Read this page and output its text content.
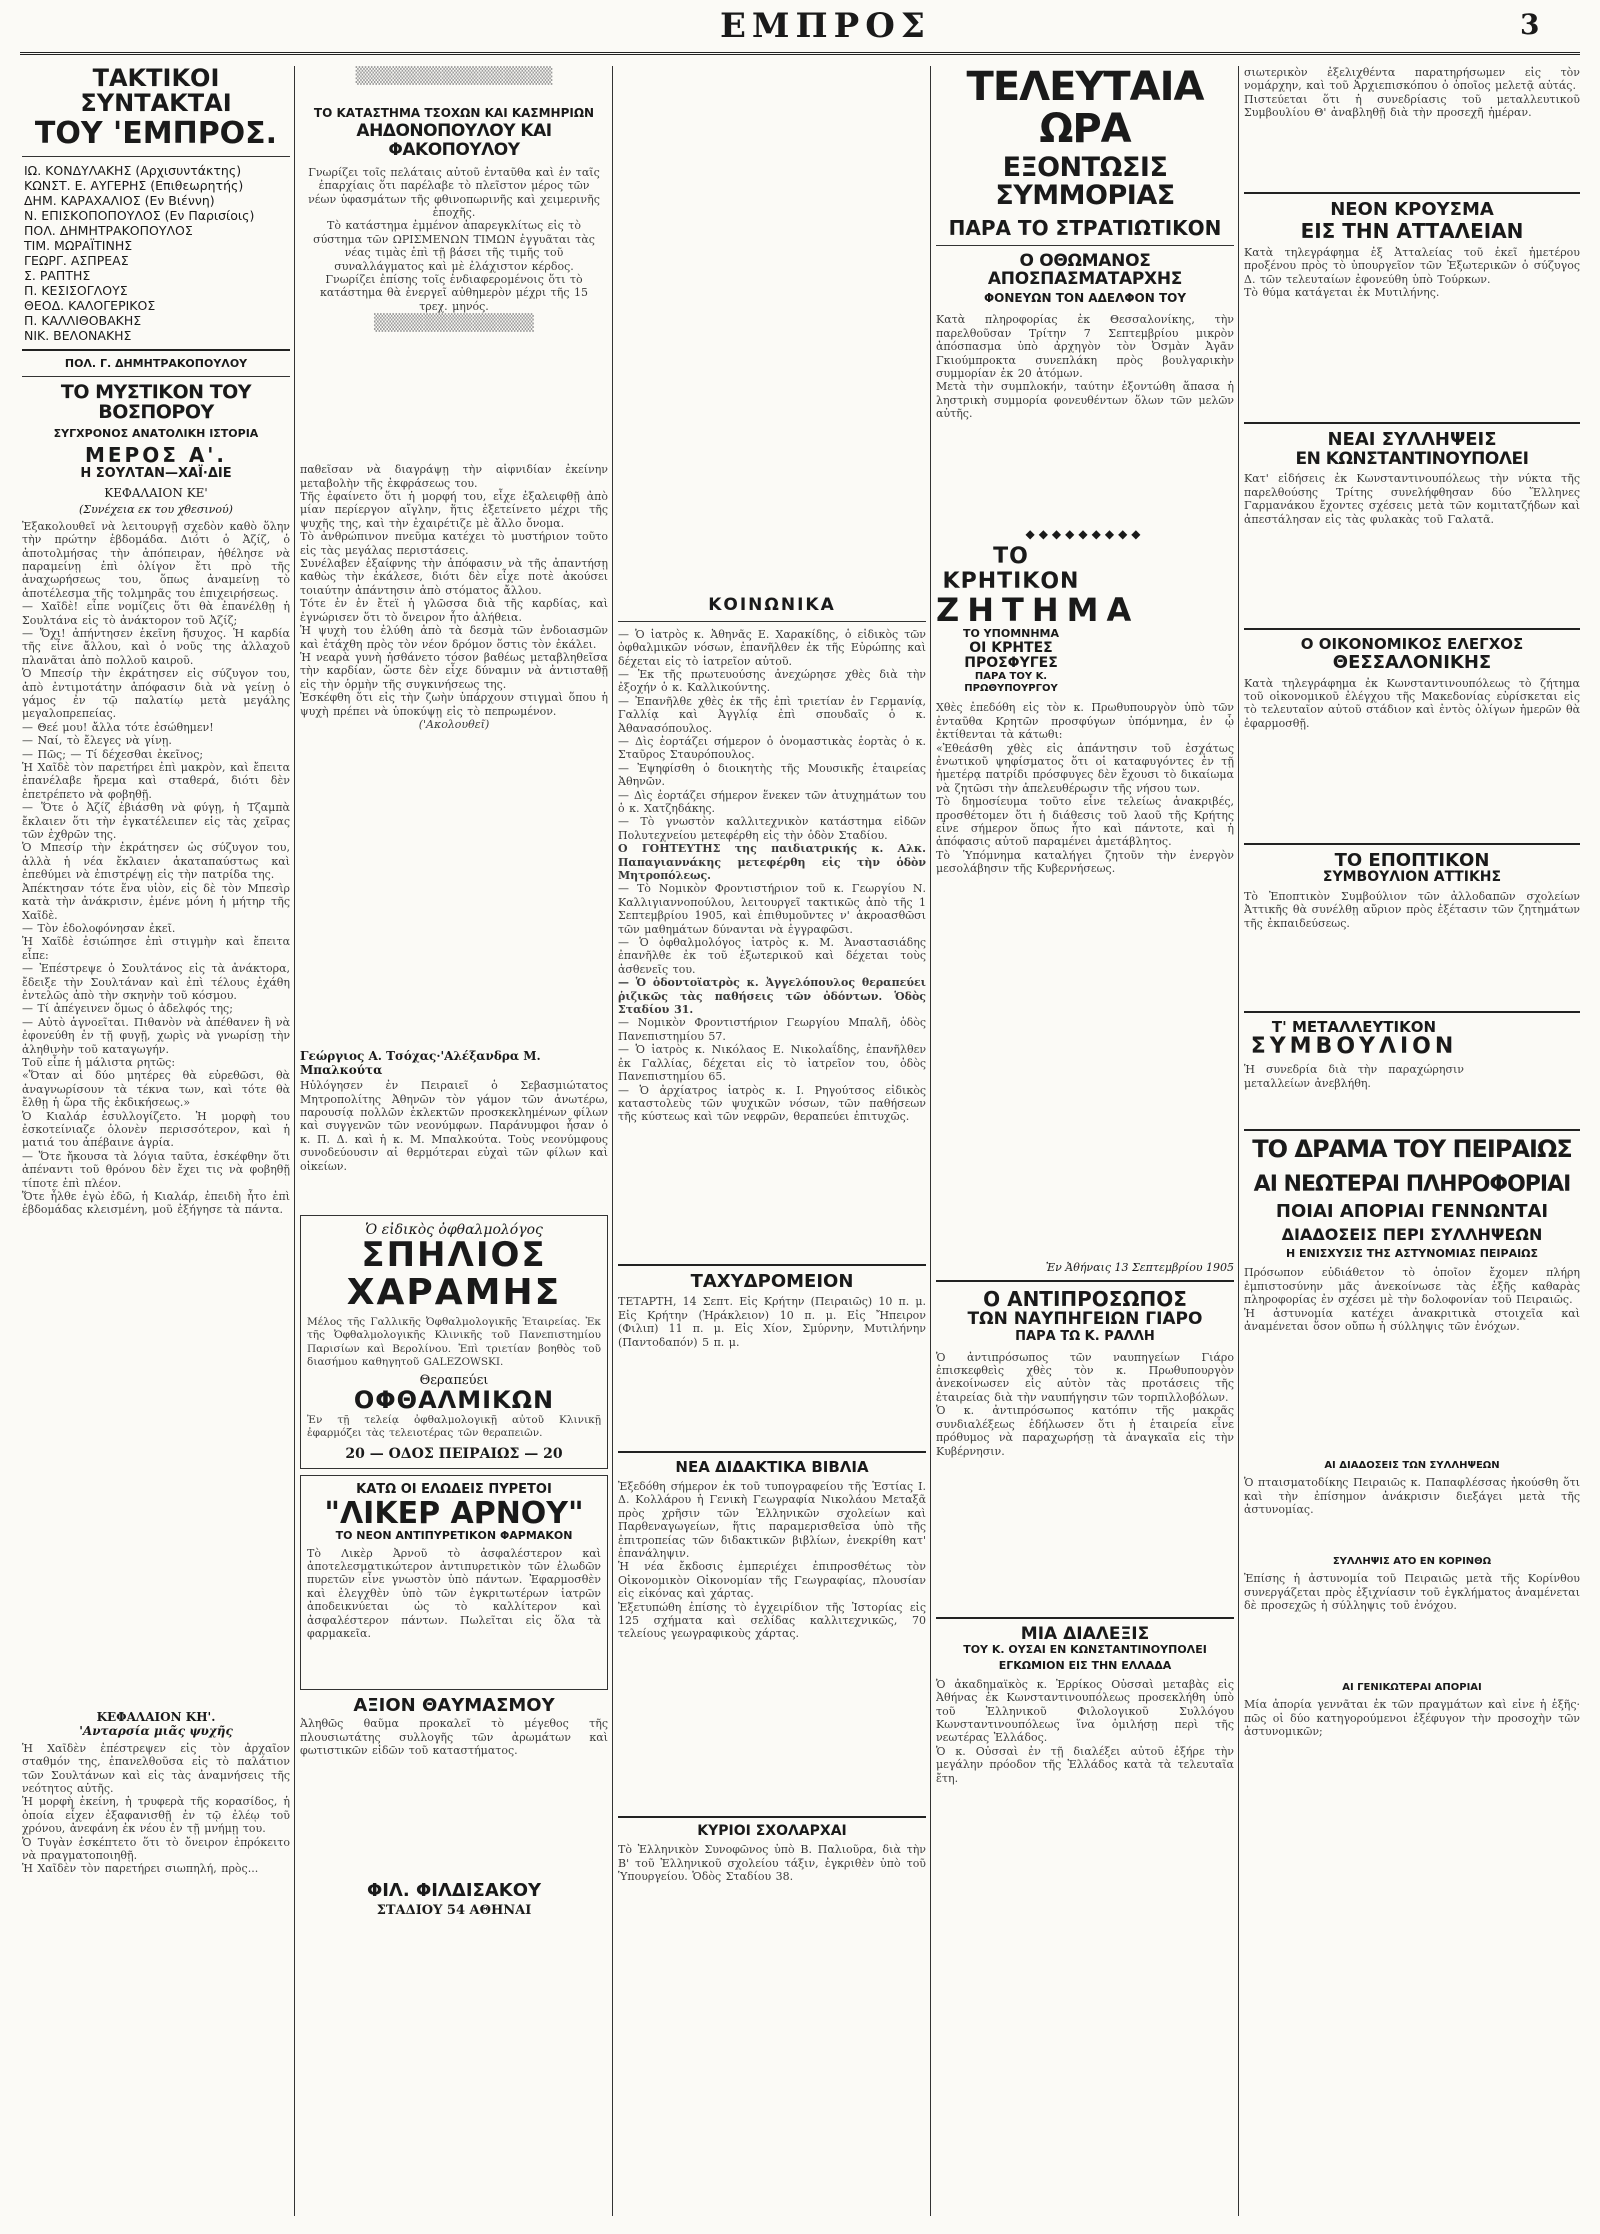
ΕΜΠΡΟΣ	3
ΤΑΚΤΙΚΟΙ ΣΥΝΤΑΚΤΑΙ
ΤΟΥ 'ΕΜΠΡΟΣ.
ΙΩ. ΚΟΝΔΥΛΑΚΗΣ (Αρχισυντάκτης)
ΚΩΝΣΤ. Ε. ΑΥΓΕΡΗΣ (Επιθεωρητής)
ΔΗΜ. ΚΑΡΑΧΑΛΙΟΣ (Εν Βιέννη)
Ν. ΕΠΙΣΚΟΠΟΠΟΥΛΟΣ (Εν Παρισίοις)
ΠΟΛ. ΔΗΜΗΤΡΑΚΟΠΟΥΛΟΣ
ΤΙΜ. ΜΩΡΑΪΤΙΝΗΣ
ΓΕΩΡΓ. ΑΣΠΡΕΑΣ
Σ. ΡΑΠΤΗΣ
Π. ΚΕΣΙΣΟΓΛΟΥΣ
ΘΕΟΔ. ΚΑΛΟΓΕΡΙΚΟΣ
Π. ΚΑΛΛΙΘΟΒΑΚΗΣ
ΝΙΚ. ΒΕΛΟΝΑΚΗΣ
ΠΟΛ. Γ. ΔΗΜΗΤΡΑΚΟΠΟΥΛΟΥ
ΤΟ ΜΥΣΤΙΚΟΝ ΤΟΥ ΒΟΣΠΟΡΟΥ
ΣΥΓΧΡΟΝΟΣ ΑΝΑΤΟΛΙΚΗ ΙΣΤΟΡΙΑ
ΜΕΡΟΣ Α'.
Η ΣΟΥΛΤΑΝ—ΧΑΪ·ΔΙΕ
ΚΕΦΑΛΑΙΟΝ ΚΕ'
(Συνέχεια εκ του χθεσινού)
Ἐξακολουθεῖ νὰ λειτουργῇ σχεδὸν καθὸ ὅλην τὴν πρώτην ἑβδομάδα. Διότι ὁ Ἀζίζ, ὁ ἀποτολμήσας τὴν ἀπόπειραν, ἠθέλησε νὰ παραμείνῃ ἐπὶ ὀλίγον ἔτι πρὸ τῆς ἀναχωρήσεως του, ὅπως ἀναμείνῃ τὸ ἀποτέλεσμα τῆς τολμηρᾶς του ἐπιχειρήσεως.
— Χαῖδὲ! εἶπε νομίζεις ὅτι θὰ ἐπανέλθῃ ἡ Σουλτάνα εἰς τὸ ἀνάκτορον τοῦ Ἀζίζ;
— Ὄχι! ἀπήντησεν ἐκεῖνη ἥσυχος. Ἡ καρδία τῆς εἶνε ἄλλου, καὶ ὁ νοῦς της ἀλλαχοῦ πλανᾶται ἀπὸ πολλοῦ καιροῦ.
Ὁ Μπεσίρ τὴν ἐκράτησεν εἰς σύζυγον του, ἀπὸ ἐντιμοτάτην ἀπόφασιν διὰ νὰ γείνῃ ὁ γάμος ἐν τῷ παλατίῳ μετὰ μεγάλης μεγαλοπρεπείας.
— Θεέ μου! ἄλλα τότε ἐσώθημεν!
— Ναί, τὸ ἔλεγες νὰ γίνῃ.
— Πῶς; — Τί δέχεσθαι ἐκεῖνος;
Ἡ Χαῖδὲ τὸν παρετήρει ἐπὶ μακρὸν, καὶ ἔπειτα ἐπανέλαβε ἤρεμα καὶ σταθερά, διότι δὲν ἐπετρέπετο νὰ φοβηθῇ.
— Ὅτε ὁ Ἀζίζ ἐβιάσθη νὰ φύγῃ, ἡ Τζαμπὰ ἔκλαιεν ὅτι τὴν ἐγκατέλειπεν εἰς τὰς χεῖρας τῶν ἐχθρῶν της.
Ὁ Μπεσίρ τὴν ἐκράτησεν ὡς σύζυγον του, ἀλλὰ ἡ νέα ἔκλαιεν ἀκαταπαύστως καὶ ἐπεθύμει νὰ ἐπιστρέψῃ εἰς τὴν πατρίδα της.
Ἀπέκτησαν τότε ἕνα υἱὸν, εἰς δὲ τὸν Μπεσὶρ κατὰ τὴν ἀνάκρισιν, ἐμένε μόνη ἡ μήτηρ τῆς Χαῖδὲ.
— Τὸν ἐδολοφόνησαν ἐκεῖ.
Ἡ Χαῖδὲ ἐσιώπησε ἐπὶ στιγμὴν καὶ ἔπειτα εἶπε:
— Ἐπέστρεψε ὁ Σουλτάνος εἰς τὰ ἀνάκτορα, ἔδειξε τὴν Σουλτάναν καὶ ἐπὶ τέλους ἐχάθη ἐντελῶς ἀπὸ τὴν σκηνὴν τοῦ κόσμου.
— Τί ἀπέγεινεν ὅμως ὁ ἀδελφός της;
— Αὐτὸ ἀγνοεῖται. Πιθανὸν νὰ ἀπέθανεν ἢ νὰ ἐφονεύθη ἐν τῇ φυγῇ, χωρὶς νὰ γνωρίσῃ τὴν ἀληθινὴν τοῦ καταγωγήν.
Τοῦ εἶπε ἡ μάλιστα ρητῶς:
«Ὅταν αἱ δύο μητέρες θὰ εὑρεθῶσι, θὰ ἀναγνωρίσουν τὰ τέκνα των, καὶ τότε θὰ ἔλθῃ ἡ ὥρα τῆς ἐκδικήσεως.»
Ὁ Κιαλάρ ἐσυλλογίζετο. Ἡ μορφὴ του ἐσκοτείνιαζε ὁλονὲν περισσότερον, καὶ ἡ ματιά του ἀπέβαινε ἀγρία.
— Ὅτε ἤκουσα τὰ λόγια ταῦτα, ἐσκέφθην ὅτι ἀπέναντι τοῦ θρόνου δὲν ἔχει τις νὰ φοβηθῇ τίποτε ἐπὶ πλέον.
Ὅτε ἦλθε ἐγὼ ἐδῶ, ἡ Κιαλάρ, ἐπειδὴ ἦτο ἐπὶ ἑβδομάδας κλεισμένη, μοῦ ἐξήγησε τὰ πάντα.
ΚΕΦΑΛΑΙΟΝ ΚΗ'.
'Ανταρσία μιᾶς ψυχῆς
Ἡ Χαῖδὲν ἐπέστρεψεν εἰς τὸν ἀρχαῖον σταθμόν της, ἐπανελθοῦσα εἰς τὸ παλάτιον τῶν Σουλτάνων καὶ εἰς τὰς ἀναμνήσεις τῆς νεότητος αὐτῆς.
Ἡ μορφὴ ἐκείνη, ἡ τρυφερὰ τῆς κορασίδος, ἡ ὁποία εἶχεν ἐξαφανισθῇ ἐν τῷ ἐλέῳ τοῦ χρόνου, ἀνεφάνη ἐκ νέου ἐν τῇ μνήμῃ του.
Ὁ Τυγὰν ἐσκέπτετο ὅτι τὸ ὄνειρον ἐπρόκειτο νὰ πραγματοποιηθῇ.
Ἡ Χαῖδὲν τὸν παρετήρει σιωπηλή, πρὸς...
▒▒▒▒▒▒▒▒▒▒▒▒▒▒▒▒
ΤΟ ΚΑΤΑΣΤΗΜΑ ΤΣΟΧΩΝ ΚΑΙ ΚΑΣΜΗΡΙΩΝ
ΑΗΔΟΝΟΠΟΥΛΟΥ ΚΑΙ ΦΑΚΟΠΟΥΛΟΥ
Γνωρίζει τοῖς πελάταις αὐτοῦ ἐνταῦθα καὶ ἐν ταῖς ἐπαρχίαις ὅτι παρέλαβε τὸ πλεῖστον μέρος τῶν νέων ὑφασμάτων τῆς φθινοπωρινῆς καὶ χειμερινῆς ἐποχῆς.
Τὸ κατάστημα ἐμμένον ἀπαρεγκλίτως εἰς τὸ σύστημα τῶν ΩΡΙΣΜΕΝΩΝ ΤΙΜΩΝ ἐγγυᾶται τὰς νέας τιμὰς ἐπὶ τῇ βάσει τῆς τιμῆς τοῦ συναλλάγματος καὶ μὲ ἐλάχιστον κέρδος.
Γνωρίζει ἐπίσης τοῖς ἐνδιαφερομένοις ὅτι τὸ κατάστημα θὰ ἐνεργεῖ αὐθημερὸν μέχρι τῆς 15 τρεχ. μηνός.
▒▒▒▒▒▒▒▒▒▒▒▒▒
παθεῖσαν νὰ διαγράψῃ τὴν αἰφνιδίαν ἐκείνην μεταβολὴν τῆς ἐκφράσεως του.
Τῆς ἐφαίνετο ὅτι ἡ μορφή του, εἶχε ἐξαλειφθῇ ἀπὸ μίαν περίεργον αἴγλην, ἥτις ἐξετείνετο μέχρι τῆς ψυχῆς της, καὶ τὴν ἐχαιρέτιζε μὲ ἄλλο ὄνομα.
Τὸ ἀνθρώπινον πνεῦμα κατέχει τὸ μυστήριον τοῦτο εἰς τὰς μεγάλας περιστάσεις.
Συνέλαβεν ἐξαίφνης τὴν ἀπόφασιν νὰ τῆς ἀπαντήσῃ καθὼς τὴν ἐκάλεσε, διότι δὲν εἶχε ποτὲ ἀκούσει τοιαύτην ἀπάντησιν ἀπὸ στόματος ἄλλου.
Τότε ἐν ἐν ἔτεϊ ἡ γλῶσσα διὰ τῆς καρδίας, καὶ ἐγνώρισεν ὅτι τὸ ὄνειρον ἦτο ἀλήθεια.
Ἡ ψυχὴ του ἐλύθη ἀπὸ τὰ δεσμὰ τῶν ἐνδοιασμῶν καὶ ἐτάχθη πρὸς τὸν νέον δρόμον ὅστις τὸν ἐκάλει.
Ἡ νεαρὰ γυνὴ ἠσθάνετο τόσον βαθέως μεταβληθεῖσα τὴν καρδίαν, ὥστε δὲν εἶχε δύναμιν νὰ ἀντισταθῇ εἰς τὴν ὁρμὴν τῆς συγκινήσεως της.
Ἐσκέφθη ὅτι εἰς τὴν ζωὴν ὑπάρχουν στιγμαὶ ὅπου ἡ ψυχὴ πρέπει νὰ ὑποκύψῃ εἰς τὸ πεπρωμένον.
('Ακολουθεῖ)
Γεώργιος Α. Τσόχας·'Αλέξανδρα Μ. Μπαλκούτα
Ηὐλόγησεν ἐν Πειραιεῖ ὁ Σεβασμιώτατος Μητροπολίτης Ἀθηνῶν τὸν γάμον τῶν ἀνωτέρω, παρουσίᾳ πολλῶν ἐκλεκτῶν προσκεκλημένων φίλων καὶ συγγενῶν τῶν νεονύμφων. Παράνυμφοι ἦσαν ὁ κ. Π. Δ. καὶ ἡ κ. Μ. Μπαλκούτα. Τοὺς νεονύμφους συνοδεύουσιν αἱ θερμότεραι εὐχαὶ τῶν φίλων καὶ οἰκείων.
Ὁ εἰδικὸς ὀφθαλμολόγος
ΣΠΗΛΙΟΣ
ΧΑΡΑΜΗΣ
Μέλος τῆς Γαλλικῆς Ὀφθαλμολογικῆς Ἑταιρείας. Ἐκ τῆς Ὀφθαλμολογικῆς Κλινικῆς τοῦ Πανεπιστημίου Παρισίων καὶ Βερολίνου. Ἐπὶ τριετίαν βοηθὸς τοῦ διασήμου καθηγητοῦ GALEZOWSKI.
Θεραπεύει
ΟΦΘΑΛΜΙΚΩΝ
Ἐν τῇ τελείᾳ ὀφθαλμολογικῇ αὐτοῦ Κλινικῇ ἐφαρμόζει τὰς τελειοτέρας τῶν θεραπειῶν.
20 — ΟΔΟΣ ΠΕΙΡΑΙΩΣ — 20
ΚΑΤΩ ΟΙ ΕΛΩΔΕΙΣ ΠΥΡΕΤΟΙ
"ΛΙΚΕΡ ΑΡΝΟΥ"
ΤΟ ΝΕΟΝ ΑΝΤΙΠΥΡΕΤΙΚΟΝ ΦΑΡΜΑΚΟΝ
Τὸ Λικὲρ Ἀρνοῦ τὸ ἀσφαλέστερον καὶ ἀποτελεσματικώτερον ἀντιπυρετικὸν τῶν ἑλωδῶν πυρετῶν εἶνε γνωστὸν ὑπὸ πάντων. Ἐφαρμοσθὲν καὶ ἐλεγχθὲν ὑπὸ τῶν ἐγκριτωτέρων ἰατρῶν ἀποδεικνύεται ὡς τὸ καλλίτερον καὶ ἀσφαλέστερον πάντων. Πωλεῖται εἰς ὅλα τὰ φαρμακεῖα.
ΑΞΙΟΝ ΘΑΥΜΑΣΜΟΥ
Ἀληθῶς θαῦμα προκαλεῖ τὸ μέγεθος τῆς πλουσιωτάτης συλλογῆς τῶν ἀρωμάτων καὶ φωτιστικῶν εἰδῶν τοῦ καταστήματος.
ΦΙΛ. ΦΙΛΔΙΣΑΚΟΥ
ΣΤΑΔΙΟΥ 54 ΑΘΗΝΑΙ
ΚΟΙΝΩΝΙΚΑ
— Ὁ ἰατρὸς κ. Ἀθηνᾶς Ε. Χαρακίδης, ὁ εἰδικὸς τῶν ὀφθαλμικῶν νόσων, ἐπανῆλθεν ἐκ τῆς Εὐρώπης καὶ δέχεται εἰς τὸ ἰατρεῖον αὐτοῦ.
— Ἐκ τῆς πρωτευούσης ἀνεχώρησε χθὲς διὰ τὴν ἐξοχήν ὁ κ. Καλλικούντης.
— Ἐπανῆλθε χθὲς ἐκ τῆς ἐπὶ τριετίαν ἐν Γερμανίᾳ, Γαλλίᾳ καὶ Ἀγγλίᾳ ἐπὶ σπουδαῖς ὁ κ. Ἀθανασόπουλος.
— Δὶς ἐορτάζει σήμερον ὁ ὀνομαστικὰς ἑορτὰς ὁ κ. Σταῦρος Σταυρόπουλος.
— Ἐψηφίσθη ὁ διοικητὴς τῆς Μουσικῆς ἑταιρείας Ἀθηνῶν.
— Δὶς ἐορτάζει σήμερον ἕνεκεν τῶν ἀτυχημάτων του ὁ κ. Χατζηδάκης.
— Τὸ γνωστὸν καλλιτεχνικὸν κατάστημα εἰδῶν Πολυτεχνείου μετεφέρθη εἰς τὴν ὁδὸν Σταδίου.
Ο ΓΟΗΤΕΥΤΗΣ της παιδιατρικής κ. Αλκ. Παπαγιαννάκης μετεφέρθη εἰς τὴν ὁδὸν Μητροπόλεως.
— Τὸ Νομικὸν Φροντιστήριον τοῦ κ. Γεωργίου Ν. Καλλιγιαννοπούλου, λειτουργεῖ τακτικῶς ἀπὸ τῆς 1 Σεπτεμβρίου 1905, καὶ ἐπιθυμοῦντες ν' ἀκροασθῶσι τῶν μαθημάτων δύνανται νὰ ἐγγραφῶσι.
— Ὁ ὀφθαλμολόγος ἰατρὸς κ. Μ. Ἀναστασιάδης ἐπανῆλθε ἐκ τοῦ ἐξωτερικοῦ καὶ δέχεται τοὺς ἀσθενεῖς του.
— Ὁ ὀδοντοϊατρὸς κ. Ἀγγελόπουλος θεραπεύει ῥιζικῶς τὰς παθήσεις τῶν ὀδόντων. Ὁδὸς Σταδίου 31.
— Νομικὸν Φροντιστήριον Γεωργίου Μπαλῆ, ὁδὸς Πανεπιστημίου 57.
— Ὁ ἰατρὸς κ. Νικόλαος Ε. Νικολαΐδης, ἐπανῆλθεν ἐκ Γαλλίας, δέχεται εἰς τὸ ἰατρεῖον του, ὁδὸς Πανεπιστημίου 65.
— Ὁ ἀρχίατρος ἰατρὸς κ. Ι. Ρηγούτσος εἰδικὸς καταστολεὺς τῶν ψυχικῶν νόσων, τῶν παθήσεων τῆς κύστεως καὶ τῶν νεφρῶν, θεραπεύει ἐπιτυχῶς.
ΤΑΧΥΔΡΟΜΕΙΟΝ
ΤΕΤΑΡΤΗ, 14 Σεπτ. Εἰς Κρήτην (Πειραιῶς) 10 π. μ. Εἰς Κρήτην (Ἡράκλειον) 10 π. μ. Εἰς Ἤπειρον (Φιλιπ) 11 π. μ. Εἰς Χίον, Σμύρνην, Μυτιλήνην (Παντοδαπόν) 5 π. μ.
ΝΕΑ ΔΙΔΑΚΤΙΚΑ ΒΙΒΛΙΑ
Ἐξεδόθη σήμερον ἐκ τοῦ τυπογραφείου τῆς Ἑστίας Ι. Δ. Κολλάρου ἡ Γενικὴ Γεωγραφία Νικολάου Μεταξᾶ πρὸς χρῆσιν τῶν Ἑλληνικῶν σχολείων καὶ Παρθεναγωγείων, ἥτις παραμερισθεῖσα ὑπὸ τῆς ἐπιτροπείας τῶν διδακτικῶν βιβλίων, ἐνεκρίθη κατ' ἐπανάληψιν.
Ἡ νέα ἔκδοσις ἐμπεριέχει ἐπιπροσθέτως τὸν Οἰκονομικὸν Οἰκονομίαν τῆς Γεωγραφίας, πλουσίαν εἰς εἰκόνας καὶ χάρτας.
Ἐξετυπώθη ἐπίσης τὸ ἐγχειρίδιον τῆς Ἰστορίας εἰς 125 σχήματα καὶ σελίδας καλλιτεχνικῶς, 70 τελείους γεωγραφικοὺς χάρτας.
ΚΥΡΙΟΙ ΣΧΟΛΑΡΧΑΙ
Τὸ Ἑλληνικὸν Συνοφῶνος ὑπὸ Β. Παλιοῦρα, διὰ τὴν Β' τοῦ Ἑλληνικοῦ σχολείου τάξιν, ἐγκριθὲν ὑπὸ τοῦ Ὑπουργείου. Ὁδὸς Σταδίου 38.
ΤΕΛΕΥΤΑΙΑ ΩΡΑ
ΕΞΟΝΤΩΣΙΣ ΣΥΜΜΟΡΙΑΣ
ΠΑΡΑ ΤΟ ΣΤΡΑΤΙΩΤΙΚΟΝ
Ο ΟΘΩΜΑΝΟΣ ΑΠΟΣΠΑΣΜΑΤΑΡΧΗΣ
ΦΟΝΕΥΩΝ ΤΟΝ ΑΔΕΛΦΟΝ ΤΟΥ
Κατὰ πληροφορίας ἐκ Θεσσαλονίκης, τὴν παρελθοῦσαν Τρίτην 7 Σεπτεμβρίου μικρὸν ἀπόσπασμα ὑπὸ ἀρχηγὸν τὸν Ὀσμὰν Ἀγᾶν Γκιούμπροκτα συνεπλάκη πρὸς βουλγαρικὴν συμμορίαν ἐκ 20 ἀτόμων.
Μετὰ τὴν συμπλοκήν, ταύτην ἐξοντώθη ἅπασα ἡ ληστρικὴ συμμορία φονευθέντων ὅλων τῶν μελῶν αὐτῆς.
◆◆◆◆◆◆◆◆◆
ΤΟ ΚΡΗΤΙΚΟΝ
ΖΗΤΗΜΑ
ΤΟ ΥΠΟΜΝΗΜΑ
ΟΙ ΚΡΗΤΕΣ ΠΡΟΣΦΥΓΕΣ
ΠΑΡΑ ΤΟΥ Κ. ΠΡΩΘΥΠΟΥΡΓΟΥ
Χθὲς ἐπεδόθη εἰς τὸν κ. Πρωθυπουργὸν ὑπὸ τῶν ἐνταῦθα Κρητῶν προσφύγων ὑπόμνημα, ἐν ᾧ ἐκτίθενται τὰ κάτωθι:
«Ἐθεάσθη χθὲς εἰς ἀπάντησιν τοῦ ἐσχάτως ἐνωτικοῦ ψηφίσματος ὅτι οἱ καταφυγόντες ἐν τῇ ἡμετέρᾳ πατρίδι πρόσφυγες δὲν ἔχουσι τὸ δικαίωμα νὰ ζητῶσι τὴν ἀπελευθέρωσιν τῆς νήσου των.
Τὸ δημοσίευμα τοῦτο εἶνε τελείως ἀνακριβές, προσθέτομεν ὅτι ἡ διάθεσις τοῦ λαοῦ τῆς Κρήτης εἶνε σήμερον ὅπως ἦτο καὶ πάντοτε, καὶ ἡ ἀπόφασις αὐτοῦ παραμένει ἀμετάβλητος.
Τὸ Ὑπόμνημα καταλήγει ζητοῦν τὴν ἐνεργὸν μεσολάβησιν τῆς Κυβερνήσεως.
Ἐν Ἀθήναις 13 Σεπτεμβρίου 1905
Ο ΑΝΤΙΠΡΟΣΩΠΟΣ
ΤΩΝ ΝΑΥΠΗΓΕΙΩΝ ΓΙΑΡΟ
ΠΑΡΑ ΤΩ Κ. ΡΑΛΛΗ
Ὁ ἀντιπρόσωπος τῶν ναυπηγείων Γιάρο ἐπισκεφθεὶς χθὲς τὸν κ. Πρωθυπουργὸν ἀνεκοίνωσεν εἰς αὐτὸν τὰς προτάσεις τῆς ἑταιρείας διὰ τὴν ναυπήγησιν τῶν τορπιλλοβόλων.
Ὁ κ. ἀντιπρόσωπος κατόπιν τῆς μακρᾶς συνδιαλέξεως ἐδήλωσεν ὅτι ἡ ἑταιρεία εἶνε πρόθυμος νὰ παραχωρήσῃ τὰ ἀναγκαῖα εἰς τὴν Κυβέρνησιν.
ΜΙΑ ΔΙΑΛΕΞΙΣ
ΤΟΥ Κ. ΟΥΣΑΙ ΕΝ ΚΩΝΣΤΑΝΤΙΝΟΥΠΟΛΕΙ
ΕΓΚΩΜΙΟΝ ΕΙΣ ΤΗΝ ΕΛΛΑΔΑ
Ὁ ἀκαδημαϊκὸς κ. Ἐρρίκος Οὐσσαὶ μεταβὰς εἰς Ἀθήνας ἐκ Κωνσταντινουπόλεως προσεκλήθη ὑπὸ τοῦ Ἑλληνικοῦ Φιλολογικοῦ Συλλόγου Κωνσταντινουπόλεως ἵνα ὁμιλήσῃ περὶ τῆς νεωτέρας Ἑλλάδος.
Ὁ κ. Οὐσσαὶ ἐν τῇ διαλέξει αὐτοῦ ἐξήρε τὴν μεγάλην πρόοδον τῆς Ἑλλάδος κατὰ τὰ τελευταῖα ἔτη.
σιωτερικὸν ἐξελιχθέντα παρατηρήσωμεν εἰς τὸν νομάρχην, καὶ τοῦ Ἀρχιεπισκόπου ὁ ὁποῖος μελετᾷ αὐτάς.
Πιστεύεται ὅτι ἡ συνεδρίασις τοῦ μεταλλευτικοῦ Συμβουλίου Θ' ἀναβληθῇ διὰ τὴν προσεχῆ ἡμέραν.
ΝΕΟΝ ΚΡΟΥΣΜΑ
ΕΙΣ ΤΗΝ ΑΤΤΑΛΕΙΑΝ
Κατὰ τηλεγράφημα ἐξ Ἀτταλείας τοῦ ἐκεῖ ἡμετέρου προξένου πρὸς τὸ ὑπουργεῖον τῶν Ἐξωτερικῶν ὁ σύζυγος Δ. τῶν τελευταίων ἐφονεύθη ὑπὸ Τούρκων.
Τὸ θύμα κατάγεται ἐκ Μυτιλήνης.
ΝΕΑΙ ΣΥΛΛΗΨΕΙΣ
ΕΝ ΚΩΝΣΤΑΝΤΙΝΟΥΠΟΛΕΙ
Κατ' εἰδήσεις ἐκ Κωνσταντινουπόλεως τὴν νύκτα τῆς παρελθούσης Τρίτης συνελήφθησαν δύο Ἕλληνες Γαρμανάκου ἔχοντες σχέσεις μετὰ τῶν κομιτατζήδων καὶ ἀπεστάλησαν εἰς τὰς φυλακὰς τοῦ Γαλατᾶ.
Ο ΟΙΚΟΝΟΜΙΚΟΣ ΕΛΕΓΧΟΣ
ΘΕΣΣΑΛΟΝΙΚΗΣ
Κατὰ τηλεγράφημα ἐκ Κωνσταντινουπόλεως τὸ ζήτημα τοῦ οἰκονομικοῦ ἐλέγχου τῆς Μακεδονίας εὑρίσκεται εἰς τὸ τελευταῖον αὐτοῦ στάδιον καὶ ἐντὸς ὀλίγων ἡμερῶν θὰ ἐφαρμοσθῇ.
ΤΟ ΕΠΟΠΤΙΚΟΝ
ΣΥΜΒΟΥΛΙΟΝ ΑΤΤΙΚΗΣ
Τὸ Ἐποπτικὸν Συμβούλιον τῶν ἀλλοδαπῶν σχολείων Ἀττικῆς θὰ συνέλθῃ αὔριον πρὸς ἐξέτασιν τῶν ζητημάτων τῆς ἐκπαιδεύσεως.
Τ' ΜΕΤΑΛΛΕΥΤΙΚΟΝ
ΣΥΜΒΟΥΛΙΟΝ
Ἡ συνεδρία διὰ τὴν παραχώρησιν μεταλλείων ἀνεβλήθη.
ΤΟ ΔΡΑΜΑ ΤΟΥ ΠΕΙΡΑΙΩΣ
ΑΙ ΝΕΩΤΕΡΑΙ ΠΛΗΡΟΦΟΡΙΑΙ
ΠΟΙΑΙ ΑΠΟΡΙΑΙ ΓΕΝΝΩΝΤΑΙ
ΔΙΑΔΟΣΕΙΣ ΠΕΡΙ ΣΥΛΛΗΨΕΩΝ
Η ΕΝΙΣΧΥΣΙΣ ΤΗΣ ΑΣΤΥΝΟΜΙΑΣ ΠΕΙΡΑΙΩΣ
Πρόσωπον εὐδιάθετον τὸ ὁποῖον ἔχομεν πλήρη ἐμπιστοσύνην μᾶς ἀνεκοίνωσε τὰς ἑξῆς καθαρὰς πληροφορίας ἐν σχέσει μὲ τὴν δολοφονίαν τοῦ Πειραιῶς.
Ἡ ἀστυνομία κατέχει ἀνακριτικὰ στοιχεῖα καὶ ἀναμένεται ὅσον οὔπω ἡ σύλληψις τῶν ἐνόχων.
ΑΙ ΔΙΑΔΟΣΕΙΣ ΤΩΝ ΣΥΛΛΗΨΕΩΝ
Ὁ πταισματοδίκης Πειραιῶς κ. Παπαφλέσσας ἠκούσθη ὅτι καὶ τὴν ἐπίσημον ἀνάκρισιν διεξάγει μετὰ τῆς ἀστυνομίας.
ΣΥΛΛΗΨΙΣ ΑΤΟ ΕΝ ΚΟΡΙΝΘΩ
Ἐπίσης ἡ ἀστυνομία τοῦ Πειραιῶς μετὰ τῆς Κορίνθου συνεργάζεται πρὸς ἐξιχνίασιν τοῦ ἐγκλήματος ἀναμένεται δὲ προσεχῶς ἡ σύλληψις τοῦ ἐνόχου.
ΑΙ ΓΕΝΙΚΩΤΕΡΑΙ ΑΠΟΡΙΑΙ
Μία ἀπορία γεννᾶται ἐκ τῶν πραγμάτων καὶ εἶνε ἡ ἑξῆς· πῶς οἱ δύο κατηγορούμενοι ἐξέφυγον τὴν προσοχὴν τῶν ἀστυνομικῶν;
